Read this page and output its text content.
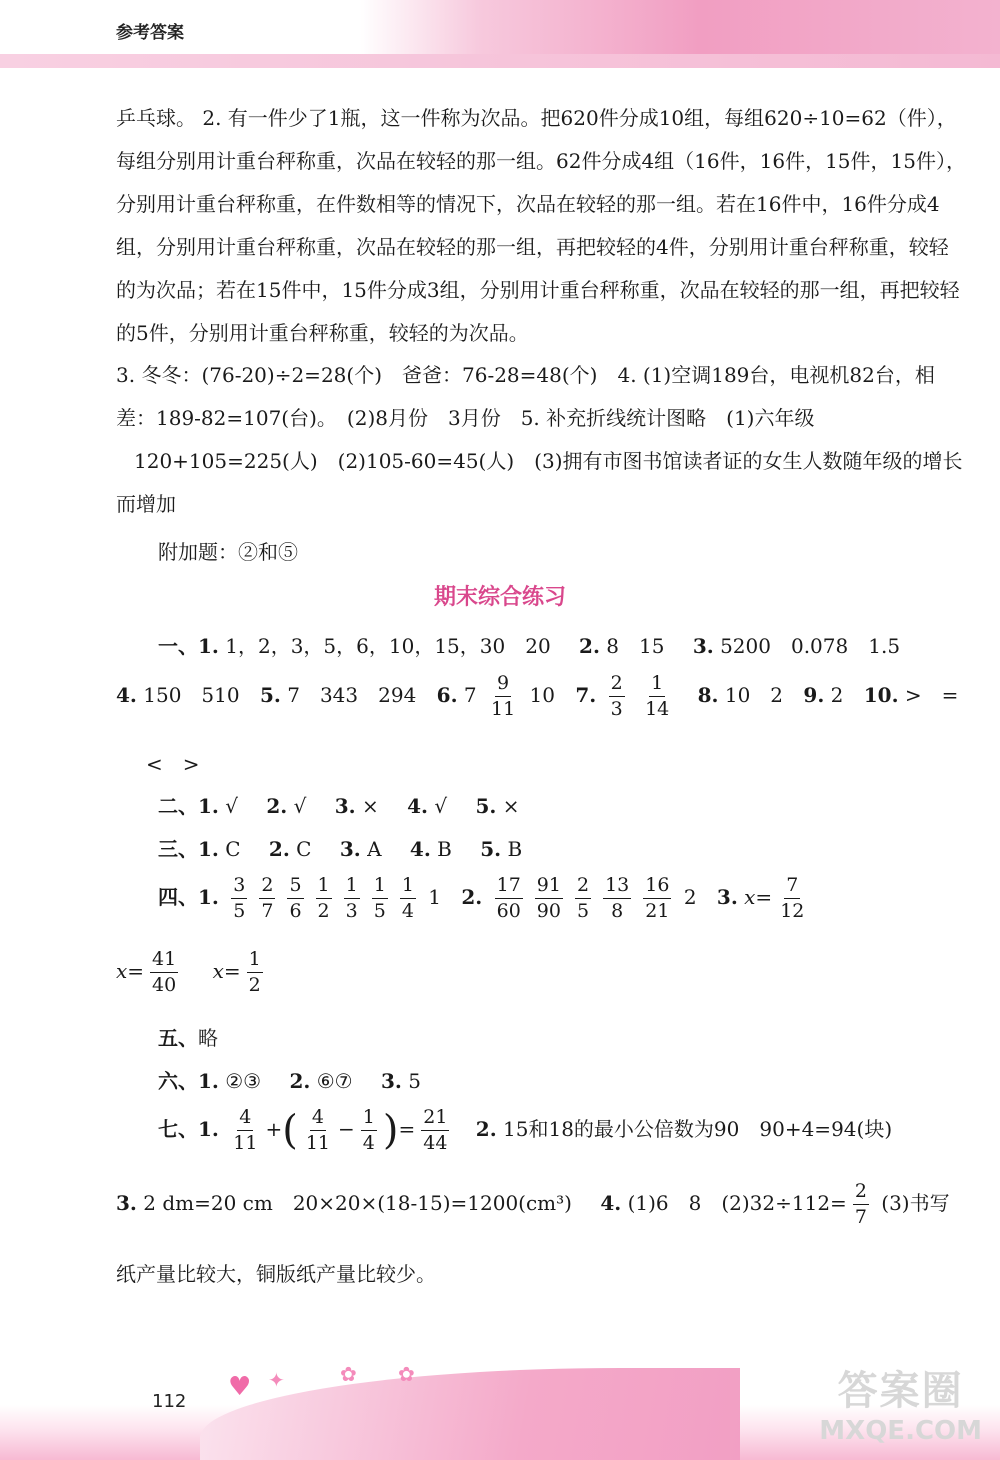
参考答案
乒乓球。 2. 有一件少了1瓶，这一件称为次品。把620件分成10组，每组620÷10=62（件），每组分别用计重台秤称重，次品在较轻的那一组。62件分成4组（16件，16件，15件，15件），分别用计重台秤称重，在件数相等的情况下，次品在较轻的那一组。若在16件中，16件分成4组，分别用计重台秤称重，次品在较轻的那一组，再把较轻的4件，分别用计重台秤称重，较轻的为次品；若在15件中，15件分成3组，分别用计重台秤称重，次品在较轻的那一组，再把较轻的5件，分别用计重台秤称重，较轻的为次品。
3. 冬冬：(76-20)÷2=28(个)　爸爸：76-28=48(个)　4. (1)空调189台，电视机82台，相差：189-82=107(台)。　(2)8月份　3月份　5. 补充折线统计图略　(1)六年级
120+105=225(人)　(2)105-60=45(人)　(3)拥有市图书馆读者证的女生人数随年级的增长而增加
附加题：②和⑤
期末综合练习
一、1. 1，2，3，5，6，10，15，30　20 2. 8　15 3. 5200　0.078　1.5
4. 150　510 5. 7　343　294 6. $7 \frac{9}{11} 10$ 7. $\frac{2}{3}$
$\frac{1}{14} 8$. 10　2 9. 2 10. >　=
<　>
二、1. √ 2. √ 3. × 4. √ 5. ×
三、1. C 2. C 3. A 4. B 5. B
四、1. $\frac{3}{5} \frac{2}{7} \frac{5}{6} \frac{1}{2} \frac{1}{3} \frac{1}{5} \frac{1}{4} 1$ 2. $\frac{17}{60} \frac{91}{90} \frac{2}{5} \frac{13}{8} \frac{16}{21} 2$ 3. $x= \frac{7}{12}$
$x= \frac{41}{40} x= \frac{1}{2}$
五、略
六、1. ②③ 2. ⑥⑦ 3. 5
七、1. $\frac{4}{11}$ +( $\frac{4}{11} - \frac{1}{4}$ )= $\frac{21}{44} 2$. 15和18的最小公倍数为90　90+4=94(块)
3. 2 dm=20 cm　20×20×(18-15)=1200(cm³) 4. (1)6　8　$(2)32\div 112= \frac{2}{7} (3)$书写
纸产量比较大，铜版纸产量比较少。
♥ ✦	✿ ✿
112	答案圈
MXQE.COM
